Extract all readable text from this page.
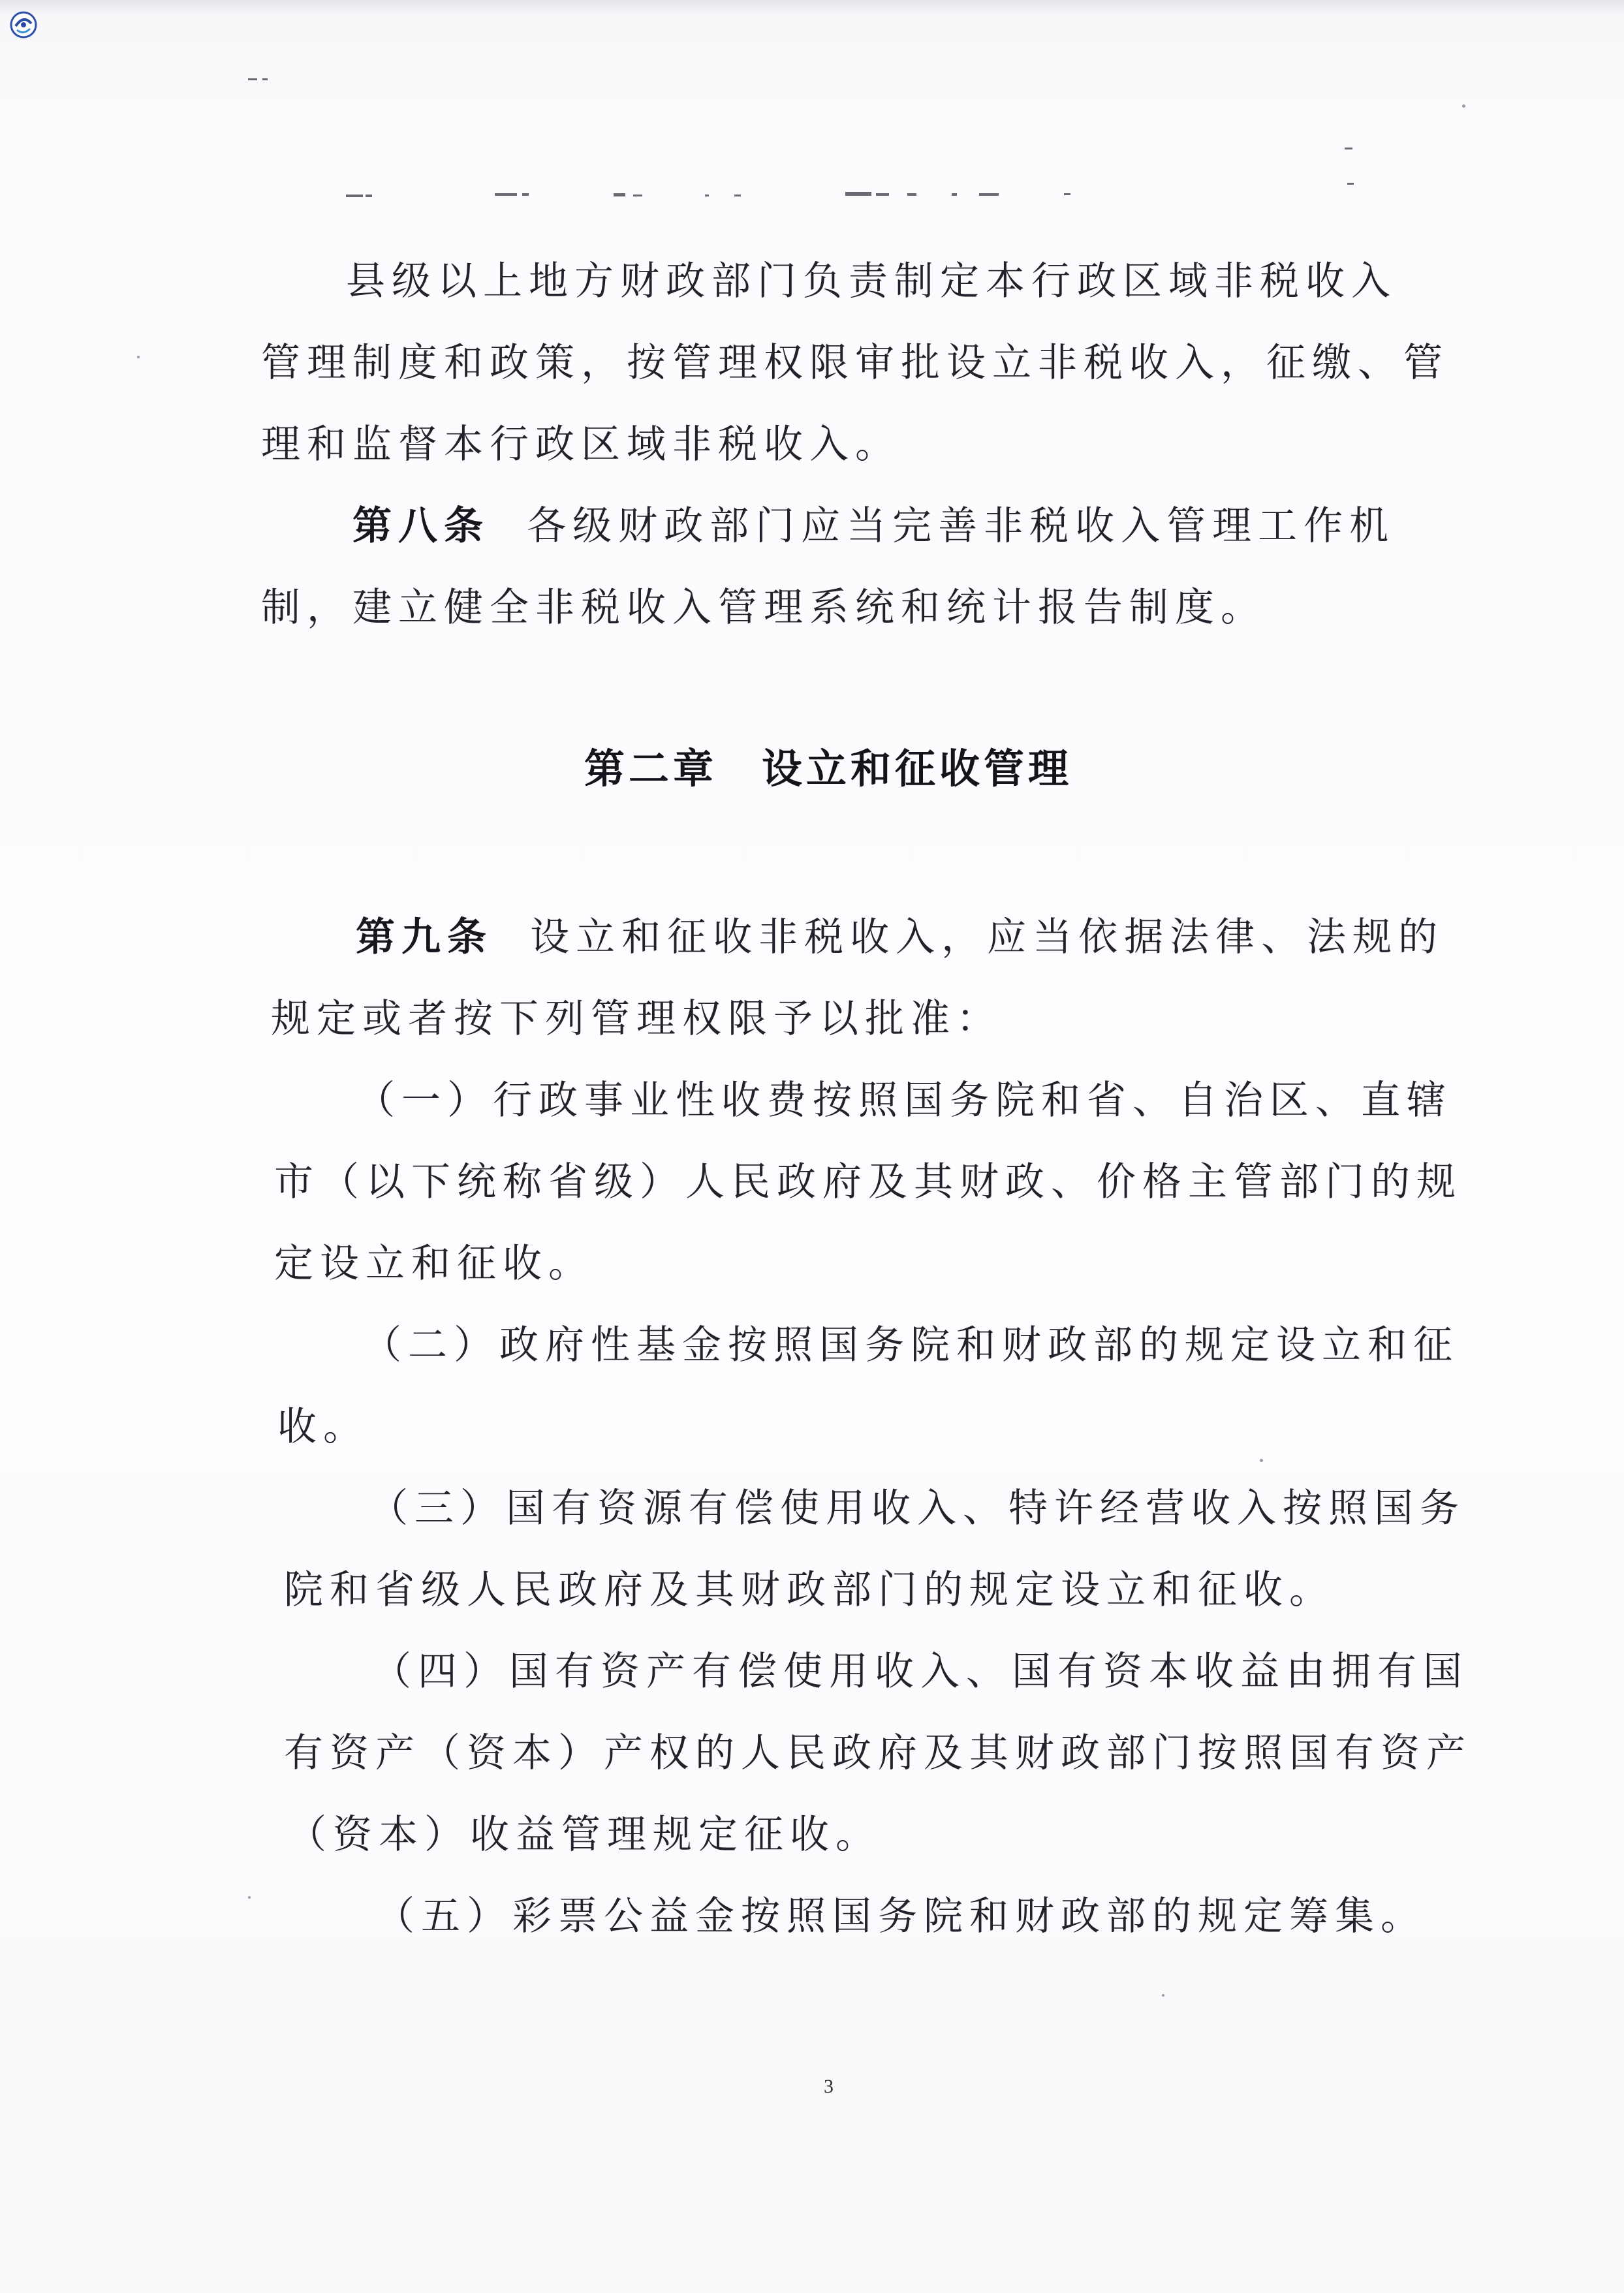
县级以上地方财政部门负责制定本行政区域非税收入
管理制度和政策，按管理权限审批设立非税收入，征缴、管
理和监督本行政区域非税收入。
第八条 各级财政部门应当完善非税收入管理工作机
制，建立健全非税收入管理系统和统计报告制度。
第二章　设立和征收管理
第九条 设立和征收非税收入，应当依据法律、法规的
规定或者按下列管理权限予以批准：
（一）行政事业性收费按照国务院和省、自治区、直辖
市（以下统称省级）人民政府及其财政、价格主管部门的规
定设立和征收。
（二）政府性基金按照国务院和财政部的规定设立和征
收。
（三）国有资源有偿使用收入、特许经营收入按照国务
院和省级人民政府及其财政部门的规定设立和征收。
（四）国有资产有偿使用收入、国有资本收益由拥有国
有资产（资本）产权的人民政府及其财政部门按照国有资产
（资本）收益管理规定征收。
（五）彩票公益金按照国务院和财政部的规定筹集。
3
